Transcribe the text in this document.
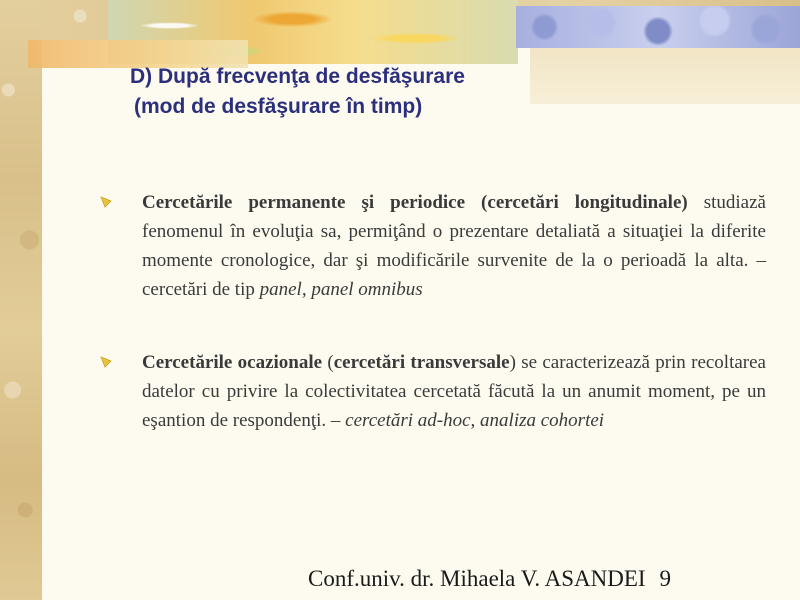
D) După frecvenţa de desfăşurare
(mod de desfăşurare în timp)
Cercetările permanente şi periodice (cercetări longitudinale) studiază fenomenul în evoluţia sa, permiţând o prezentare detaliată a situaţiei la diferite momente cronologice, dar şi modificările survenite de la o perioadă la alta. – cercetări de tip panel, panel omnibus
Cercetările ocazionale (cercetări transversale) se caracterizează prin recoltarea datelor cu privire la colectivitatea cercetată făcută la un anumit moment, pe un eşantion de respondenţi. – cercetări ad-hoc, analiza cohortei
Conf.univ. dr. Mihaela V. ASANDEI 9
